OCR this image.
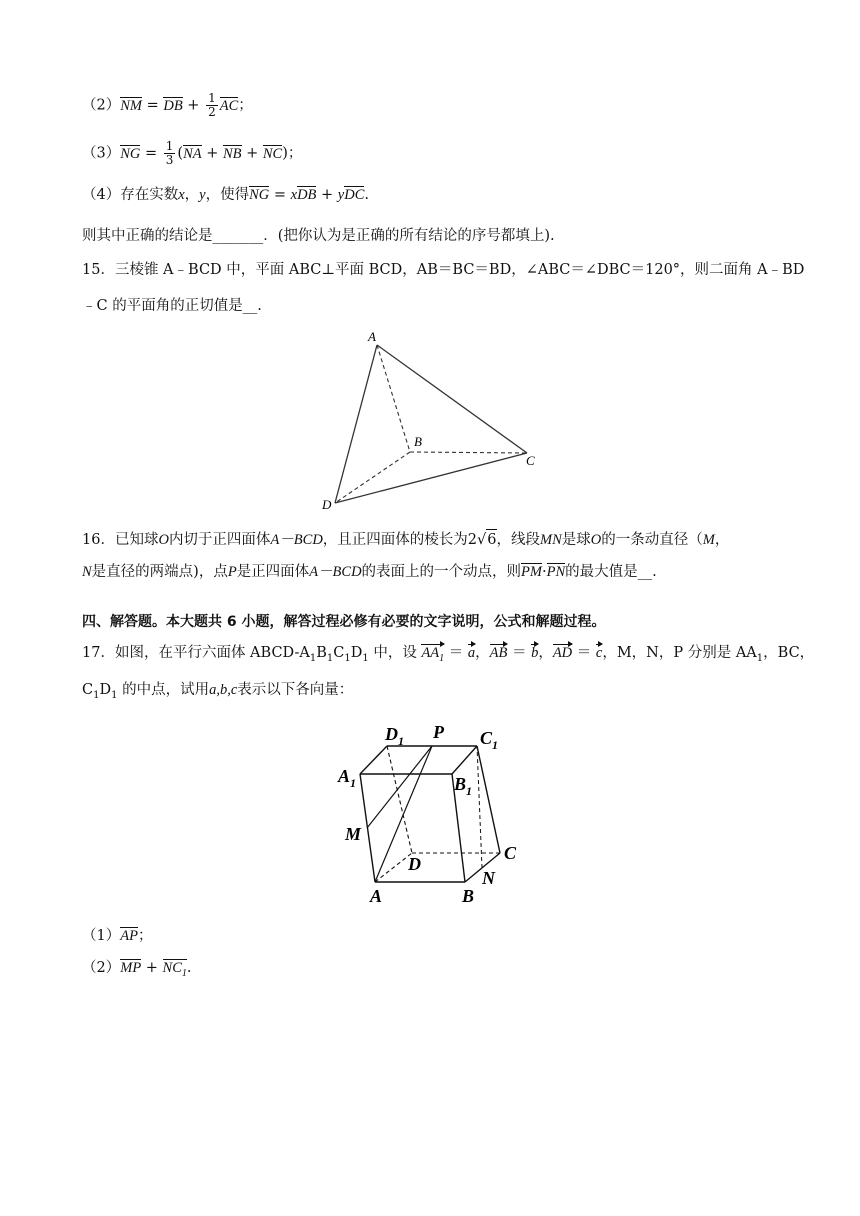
（2）NM = DB + $\frac{1}{2}$ AC；
$(3)NG = \frac{1}{3} (NA$ + NB + NC)；
（4）存在实数x，y，使得NG = xDB + yDC.
则其中正确的结论是_______．(把你认为是正确的所有结论的序号都填上).
15．三棱锥 A﹣BCD 中，平面 ABC⊥平面 BCD，AB＝BC＝BD，∠ABC＝∠DBC＝120°，则二面角 A﹣BD
﹣C 的平面角的正切值是__.
A
B
C
D
16．已知球O内切于正四面体A－BCD，且正四面体的棱长为2√6，线段MN是球O的一条动直径（M，
N是直径的两端点)，点P是正四面体A－BCD的表面上的一个动点，则PM·PN的最大值是__.
四、解答题。本大题共 6 小题，解答过程必修有必要的文字说明，公式和解题过程。
17．如图，在平行六面体 ABCD-$A_1B_1C_1D_1$ 中，设 $AA_1 = a$，AB ＝ b，AD ＝ c，M，N，P 分别是 $AA_1$，BC，
$C_1D_1$ 的中点，试用a,b,c表示以下各向量：
$D_1$ P $C_1$
$A_1$	$B_1$
M
D
C
N
A	B
（1）AP；
$(2)MP + NC_1$.
